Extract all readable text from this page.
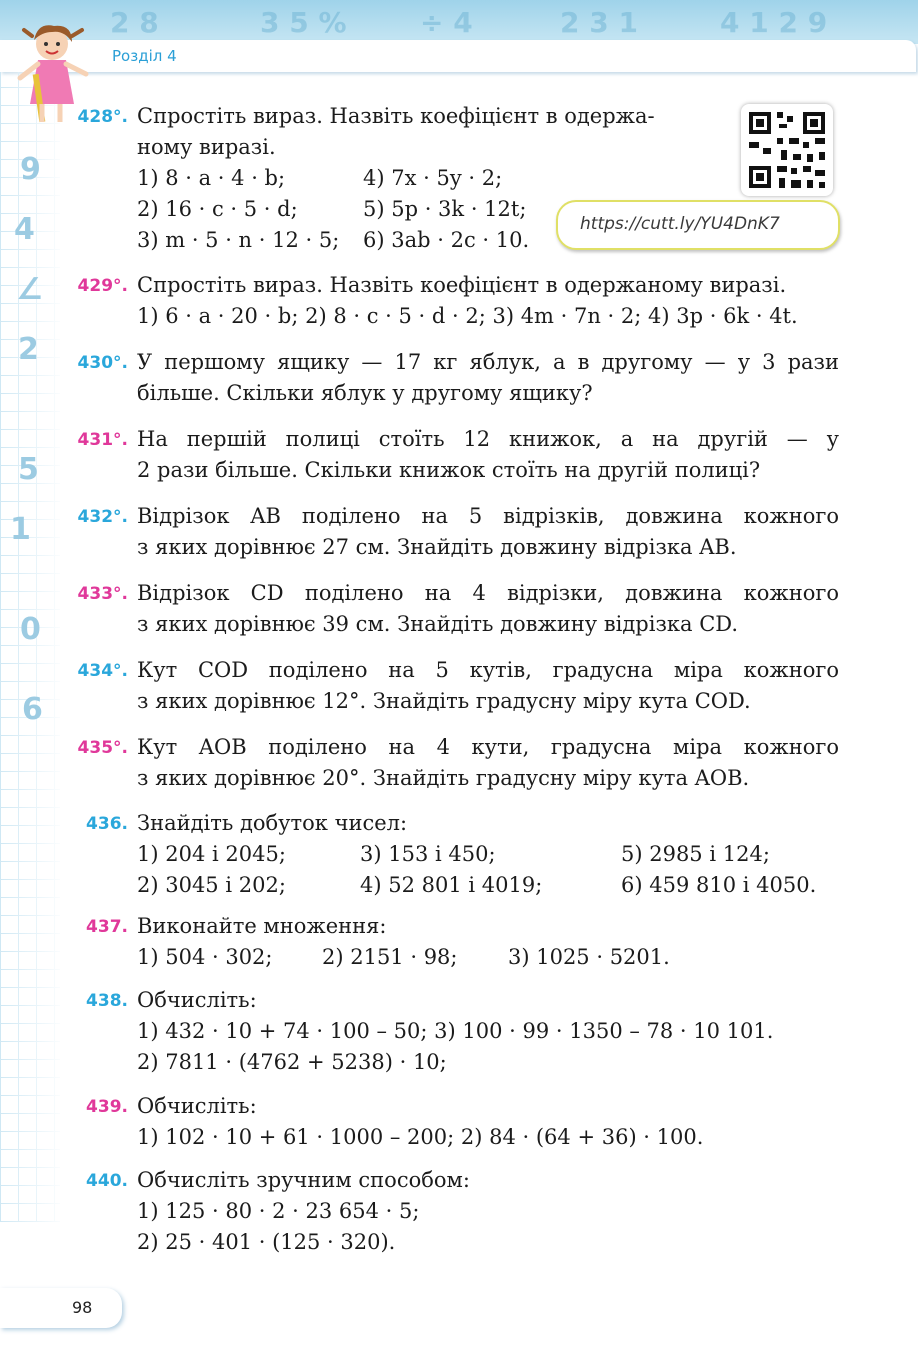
2 8	3 5 %	÷ 4	2 3 1	4 1 2 9
Розділ 4
9
4
∠
2
5
1
0
6
https://cutt.ly/YU4DnK7
428°. Спростіть вираз. Назвіть коефіцієнт в одержа-
ному виразі.
1) 8 · a · 4 · b;	4) 7x · 5y · 2;
2) 16 · c · 5 · d;	5) 5p · 3k · 12t;
3) m · 5 · n · 12 · 5; 6) 3ab · 2c · 10.
429°. Спростіть вираз. Назвіть коефіцієнт в одержаному виразі.
1) 6 · a · 20 · b; 2) 8 · c · 5 · d · 2; 3) 4m · 7n · 2; 4) 3p · 6k · 4t.
430°. У першому ящику — 17 кг яблук, а в другому — у 3 рази
більше. Скільки яблук у другому ящику?
431°. На першій полиці стоїть 12 книжок, а на другій — у
2 рази більше. Скільки книжок стоїть на другій полиці?
432°. Відрізок AB поділено на 5 відрізків, довжина кожного
з яких дорівнює 27 см. Знайдіть довжину відрізка AB.
433°. Відрізок CD поділено на 4 відрізки, довжина кожного
з яких дорівнює 39 см. Знайдіть довжину відрізка CD.
434°. Кут COD поділено на 5 кутів, градусна міра кожного
з яких дорівнює 12°. Знайдіть градусну міру кута COD.
435°. Кут AOB поділено на 4 кути, градусна міра кожного
з яких дорівнює 20°. Знайдіть градусну міру кута AOB.
436. Знайдіть добуток чисел:
1) 204 і 2045;	3) 153 і 450;	5) 2985 і 124;
2) 3045 і 202;	4) 52 801 і 4019;	6) 459 810 і 4050.
437. Виконайте множення:
1) 504 · 302; 2) 2151 · 98; 3) 1025 · 5201.
438. Обчисліть:
1) 432 · 10 + 74 · 100 – 50; 3) 100 · 99 · 1350 – 78 · 10 101.
2) 7811 · (4762 + 5238) · 10;
439. Обчисліть:
1) 102 · 10 + 61 · 1000 – 200; 2) 84 · (64 + 36) · 100.
440. Обчисліть зручним способом:
1) 125 · 80 · 2 · 23 654 · 5;
2) 25 · 401 · (125 · 320).
98
